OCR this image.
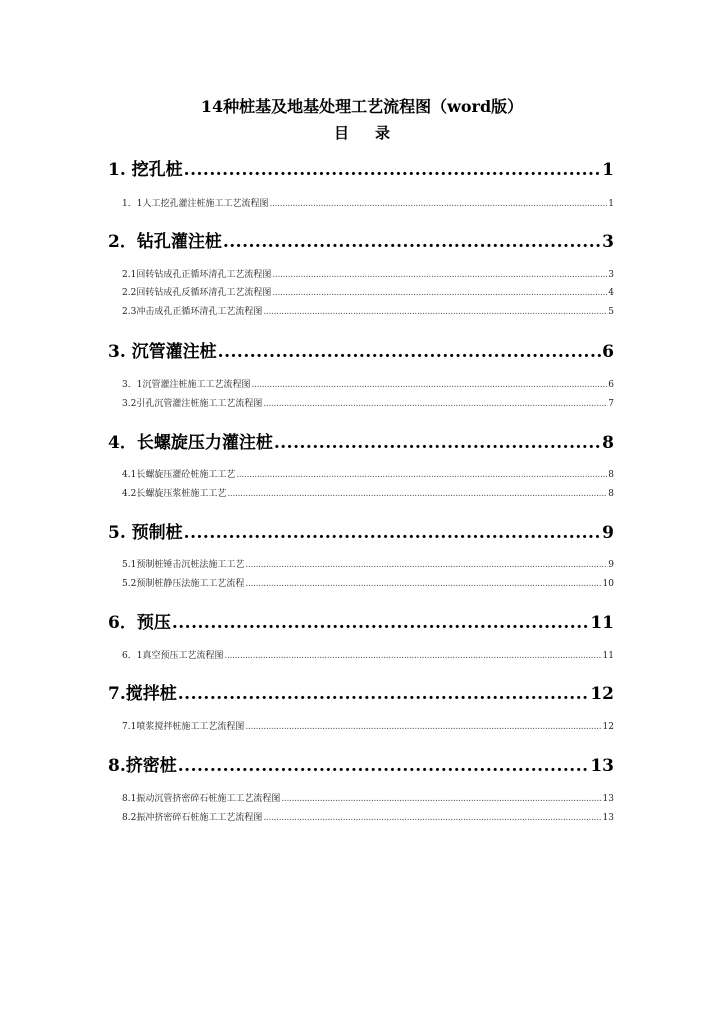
14种桩基及地基处理工艺流程图（word版）
目录
1. 挖孔桩 .....	1
1．1人工挖孔灌注桩施工工艺流程图 .....	1
2．钻孔灌注桩 .....	3
2.1回转钻成孔正循环清孔工艺流程图 .....	3
2.2回转钻成孔反循环清孔工艺流程图 .....	4
2.3冲击成孔正循环清孔工艺流程图 .....	5
3. 沉管灌注桩 .....	6
3．1沉管灌注桩施工工艺流程图 .....	6
3.2引孔沉管灌注桩施工工艺流程图 .....	7
4．长螺旋压力灌注桩 .....	8
4.1长螺旋压灌砼桩施工工艺 .....	8
4.2长螺旋压浆桩施工工艺 .....	8
5. 预制桩 .....	9
5.1预制桩锤击沉桩法施工工艺 .....	9
5.2预制桩静压法施工工艺流程 .....	10
6．预压 .....	11
6．1真空预压工艺流程图 .....	11
7.搅拌桩 .....	12
7.1喷浆搅拌桩施工工艺流程图 .....	12
8.挤密桩 .....	13
8.1振动沉管挤密碎石桩施工工艺流程图 .....	13
8.2振冲挤密碎石桩施工工艺流程图 .....	13
